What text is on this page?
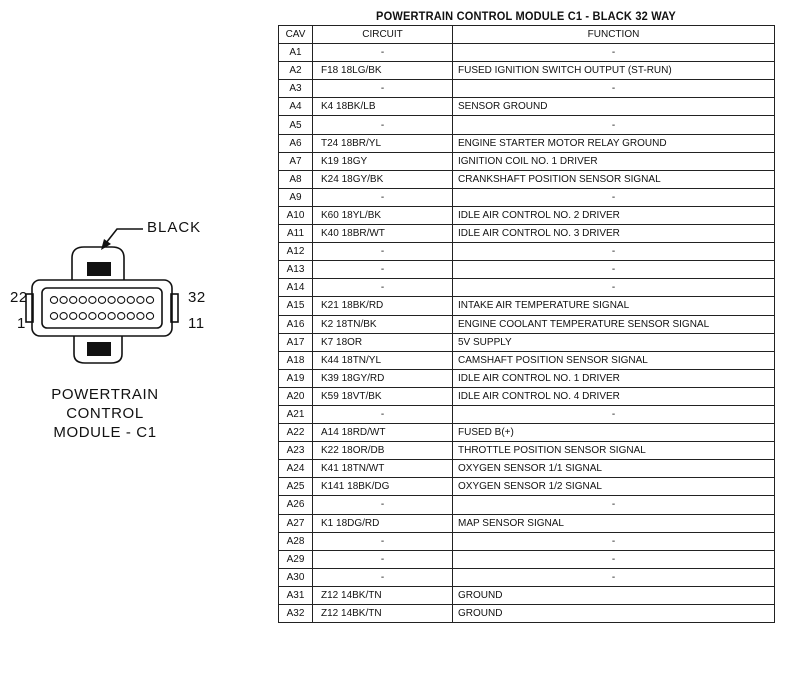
BLACK
22
1
32
11
POWERTRAIN
CONTROL
MODULE - C1
POWERTRAIN CONTROL MODULE C1 - BLACK 32 WAY
CAV	CIRCUIT	FUNCTION
A1	-	-
A2	F18 18LG/BK	FUSED IGNITION SWITCH OUTPUT (ST-RUN)
A3	-	-
A4	K4 18BK/LB	SENSOR GROUND
A5	-	-
A6	T24 18BR/YL	ENGINE STARTER MOTOR RELAY GROUND
A7	K19 18GY	IGNITION COIL NO. 1 DRIVER
A8	K24 18GY/BK	CRANKSHAFT POSITION SENSOR SIGNAL
A9	-	-
A10	K60 18YL/BK	IDLE AIR CONTROL NO. 2 DRIVER
A11	K40 18BR/WT	IDLE AIR CONTROL NO. 3 DRIVER
A12	-	-
A13	-	-
A14	-	-
A15	K21 18BK/RD	INTAKE AIR TEMPERATURE SIGNAL
A16	K2 18TN/BK	ENGINE COOLANT TEMPERATURE SENSOR SIGNAL
A17	K7 18OR	5V SUPPLY
A18	K44 18TN/YL	CAMSHAFT POSITION SENSOR SIGNAL
A19	K39 18GY/RD	IDLE AIR CONTROL NO. 1 DRIVER
A20	K59 18VT/BK	IDLE AIR CONTROL NO. 4 DRIVER
A21	-	-
A22	A14 18RD/WT	FUSED B(+)
A23	K22 18OR/DB	THROTTLE POSITION SENSOR SIGNAL
A24	K41 18TN/WT	OXYGEN SENSOR 1/1 SIGNAL
A25	K141 18BK/DG	OXYGEN SENSOR 1/2 SIGNAL
A26	-	-
A27	K1 18DG/RD	MAP SENSOR SIGNAL
A28	-	-
A29	-	-
A30	-	-
A31	Z12 14BK/TN	GROUND
A32	Z12 14BK/TN	GROUND
